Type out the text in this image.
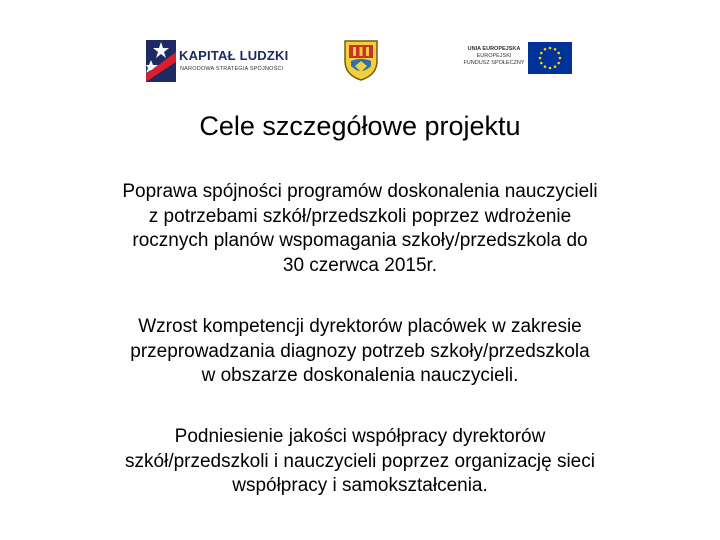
KAPITAŁ LUDZKI
NARODOWA STRATEGIA SPÓJNOŚCI
UNIA EUROPEJSKA
EUROPEJSKI
FUNDUSZ SPOŁECZNY
Cele szczegółowe projektu
Poprawa spójności programów doskonalenia nauczycieli
z potrzebami szkół/przedszkoli poprzez wdrożenie
rocznych planów wspomagania szkoły/przedszkola do
30 czerwca 2015r.
Wzrost kompetencji dyrektorów placówek w zakresie
przeprowadzania diagnozy potrzeb szkoły/przedszkola
w obszarze doskonalenia nauczycieli.
Podniesienie jakości współpracy dyrektorów
szkół/przedszkoli i nauczycieli poprzez organizację sieci
współpracy i samokształcenia.
